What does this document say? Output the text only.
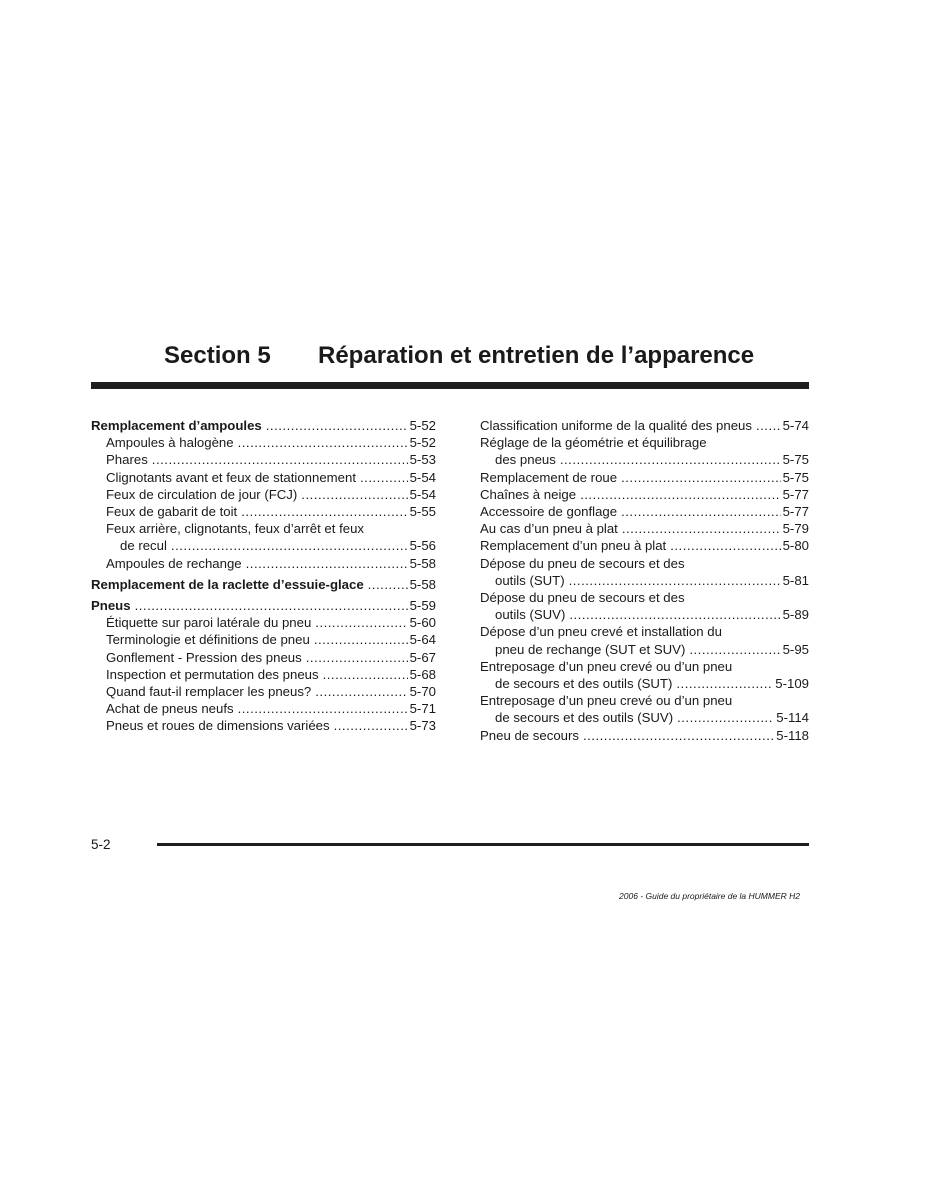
Section 5 Réparation et entretien de l’apparence
Remplacement d’ampoules .....	5-52
Ampoules à halogène .....	5-52
Phares .....	5-53
Clignotants avant et feux de stationnement .....	5-54
Feux de circulation de jour (FCJ) .....	5-54
Feux de gabarit de toit .....	5-55
Feux arrière, clignotants, feux d’arrêt et feux
de recul .....	5-56
Ampoules de rechange .....	5-58
Remplacement de la raclette d’essuie-glace .....	5-58
Pneus .....	5-59
Étiquette sur paroi latérale du pneu .....	5-60
Terminologie et définitions de pneu .....	5-64
Gonflement - Pression des pneus .....	5-67
Inspection et permutation des pneus .....	5-68
Quand faut-il remplacer les pneus? .....	5-70
Achat de pneus neufs .....	5-71
Pneus et roues de dimensions variées .....	5-73
Classification uniforme de la qualité des pneus ..... 5-74
Réglage de la géométrie et équilibrage
des pneus .....	5-75
Remplacement de roue .....	5-75
Chaînes à neige .....	5-77
Accessoire de gonflage .....	5-77
Au cas d’un pneu à plat .....	5-79
Remplacement d’un pneu à plat .....	5-80
Dépose du pneu de secours et des
outils (SUT) .....	5-81
Dépose du pneu de secours et des
outils (SUV) .....	5-89
Dépose d’un pneu crevé et installation du
pneu de rechange (SUT et SUV) .....	5-95
Entreposage d’un pneu crevé ou d’un pneu
de secours et des outils (SUT) .....	5-109
Entreposage d’un pneu crevé ou d’un pneu
de secours et des outils (SUV) .....	5-114
Pneu de secours .....	5-118
5-2
2006 - Guide du propriétaire de la HUMMER H2
